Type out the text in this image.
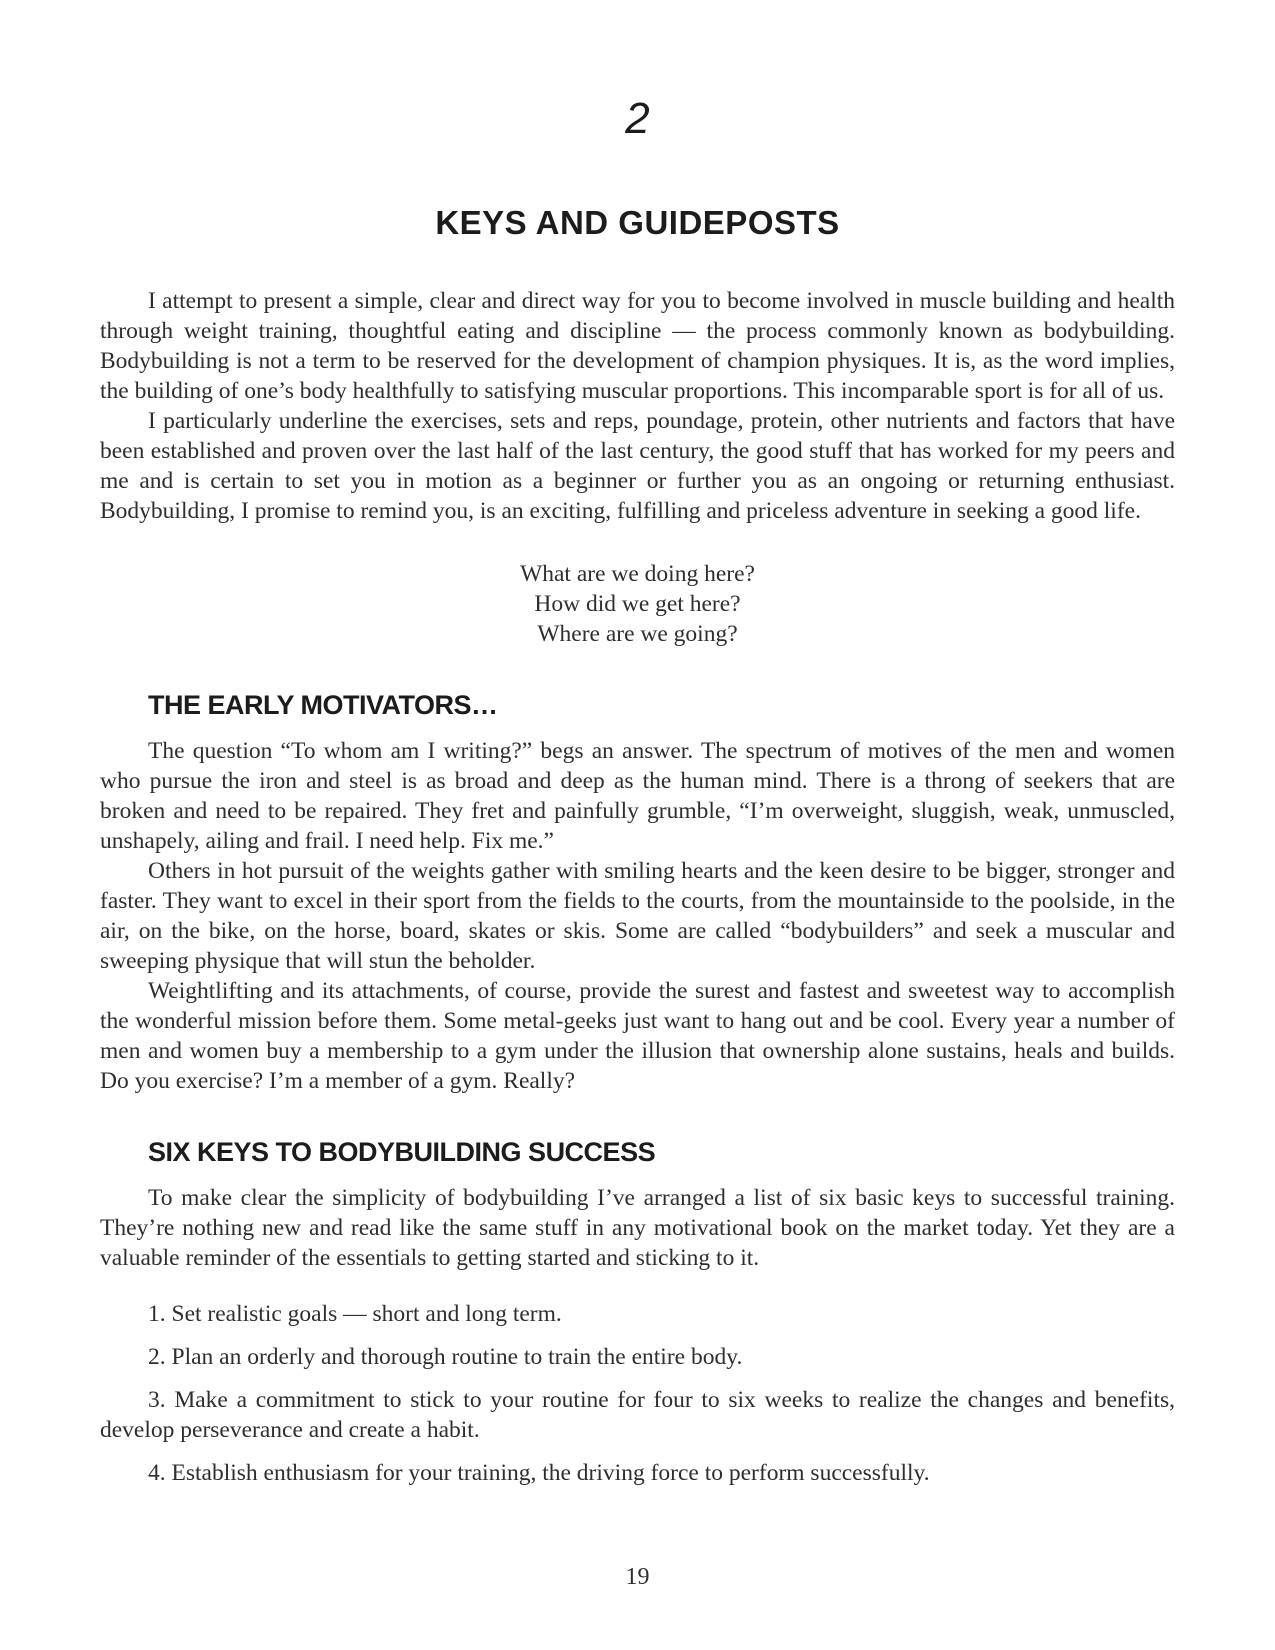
2
KEYS AND GUIDEPOSTS

I attempt to present a simple, clear and direct way for you to become involved in muscle building and health through weight training, thoughtful eating and discipline — the process commonly known as bodybuilding. Bodybuilding is not a term to be reserved for the development of champion physiques. It is, as the word implies, the building of one’s body healthfully to satisfying muscular proportions. This incomparable sport is for all of us.

I particularly underline the exercises, sets and reps, poundage, protein, other nutrients and factors that have been established and proven over the last half of the last century, the good stuff that has worked for my peers and me and is certain to set you in motion as a beginner or further you as an ongoing or returning enthusiast. Bodybuilding, I promise to remind you, is an exciting, fulfilling and priceless adventure in seeking a good life.

What are we doing here?
How did we get here?
Where are we going?
THE EARLY MOTIVATORS…

The question “To whom am I writing?” begs an answer. The spectrum of motives of the men and women who pursue the iron and steel is as broad and deep as the human mind. There is a throng of seekers that are broken and need to be repaired. They fret and painfully grumble, “I’m overweight, sluggish, weak, unmuscled, unshapely, ailing and frail. I need help. Fix me.”

Others in hot pursuit of the weights gather with smiling hearts and the keen desire to be bigger, stronger and faster. They want to excel in their sport from the fields to the courts, from the mountainside to the poolside, in the air, on the bike, on the horse, board, skates or skis. Some are called “bodybuilders” and seek a muscular and sweeping physique that will stun the beholder.

Weightlifting and its attachments, of course, provide the surest and fastest and sweetest way to accomplish the wonderful mission before them. Some metal-geeks just want to hang out and be cool. Every year a number of men and women buy a membership to a gym under the illusion that ownership alone sustains, heals and builds. Do you exercise? I’m a member of a gym. Really?

SIX KEYS TO BODYBUILDING SUCCESS

To make clear the simplicity of bodybuilding I’ve arranged a list of six basic keys to successful training. They’re nothing new and read like the same stuff in any motivational book on the market today. Yet they are a valuable reminder of the essentials to getting started and sticking to it.

1. Set realistic goals — short and long term.

2. Plan an orderly and thorough routine to train the entire body.

3. Make a commitment to stick to your routine for four to six weeks to realize the changes and benefits, develop perseverance and create a habit.

4. Establish enthusiasm for your training, the driving force to perform successfully.

19
